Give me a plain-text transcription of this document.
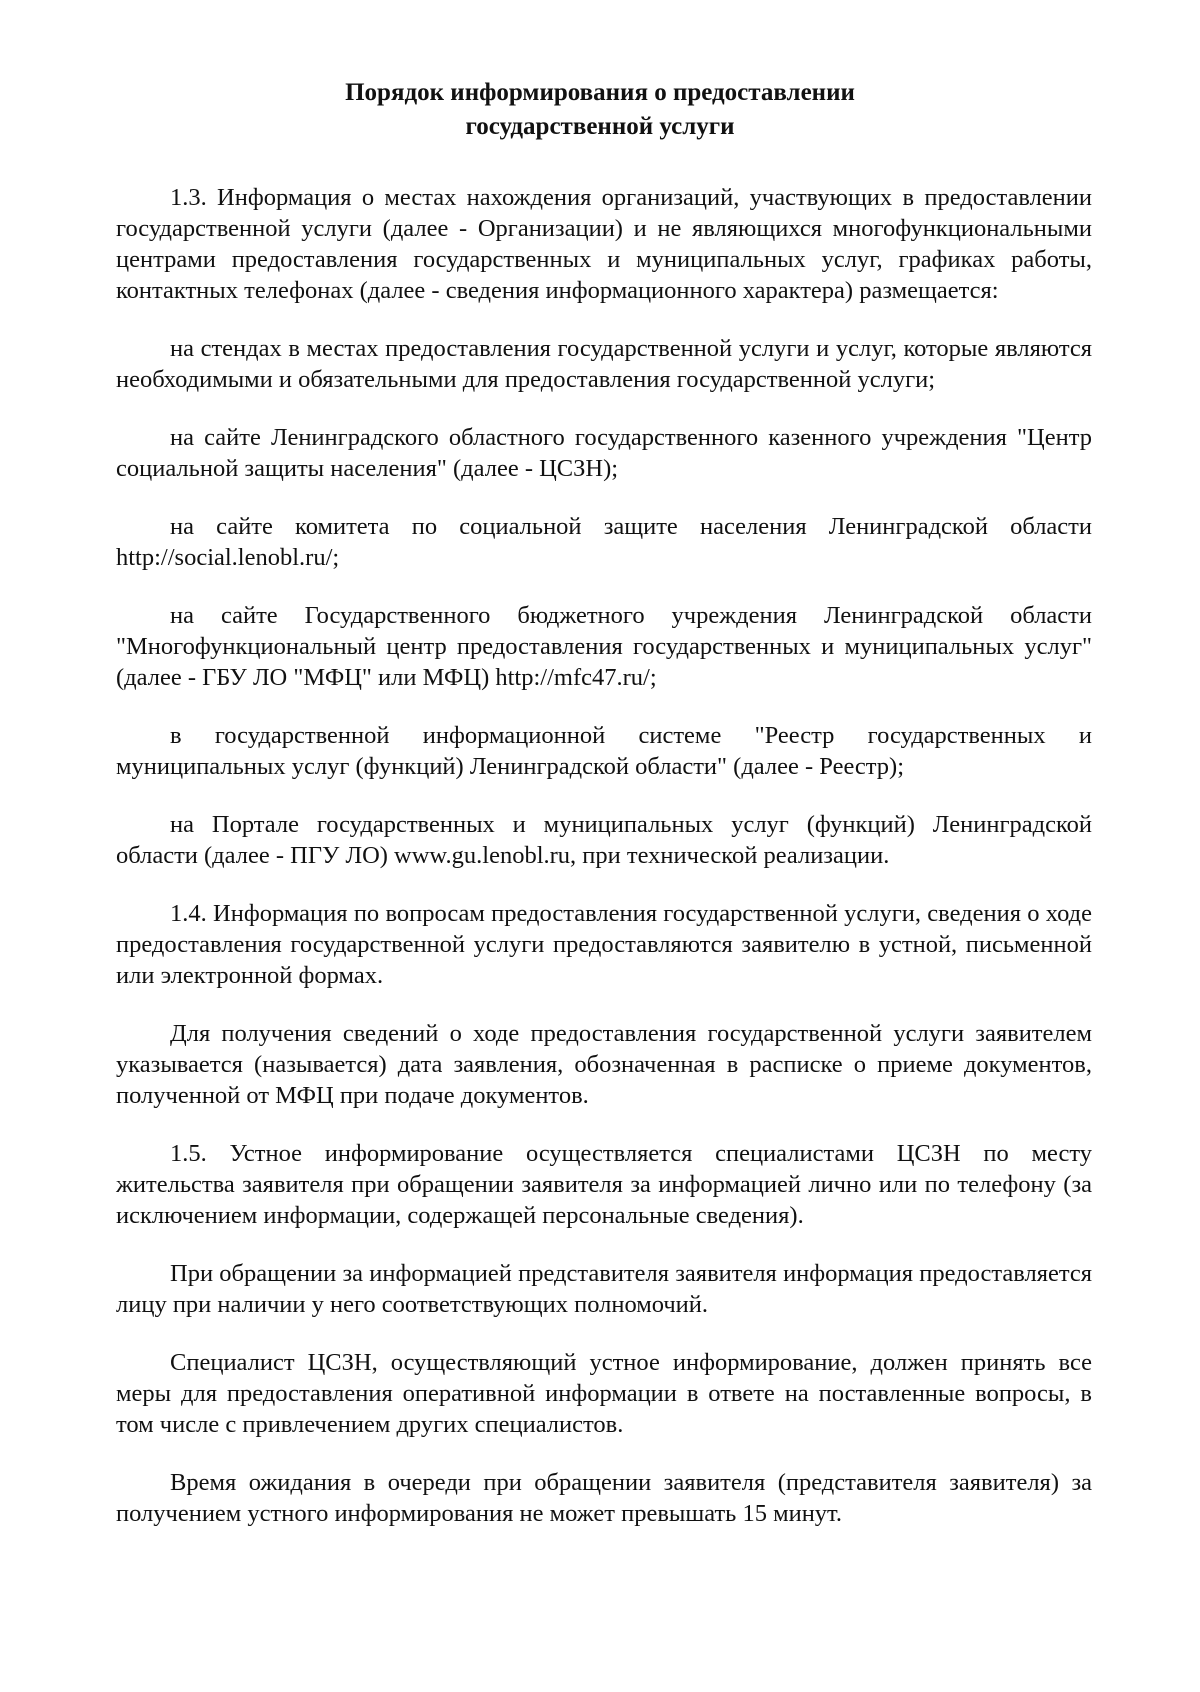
Порядок информирования о предоставлении
государственной услуги

1.3. Информация о местах нахождения организаций, участвующих в предоставлении государственной услуги (далее - Организации) и не являющихся многофункциональными центрами предоставления государственных и муниципальных услуг, графиках работы, контактных телефонах (далее - сведения информационного характера) размещается:

на стендах в местах предоставления государственной услуги и услуг, которые являются необходимыми и обязательными для предоставления государственной услуги;

на сайте Ленинградского областного государственного казенного учреждения "Центр социальной защиты населения" (далее - ЦСЗН);

на сайте комитета по социальной защите населения Ленинградской области http://social.lenobl.ru/;

на сайте Государственного бюджетного учреждения Ленинградской области "Многофункциональный центр предоставления государственных и муниципальных услуг" (далее - ГБУ ЛО "МФЦ" или МФЦ) http://mfc47.ru/;

в государственной информационной системе "Реестр государственных и муниципальных услуг (функций) Ленинградской области" (далее - Реестр);

на Портале государственных и муниципальных услуг (функций) Ленинградской области (далее - ПГУ ЛО) www.gu.lenobl.ru, при технической реализации.

1.4. Информация по вопросам предоставления государственной услуги, сведения о ходе предоставления государственной услуги предоставляются заявителю в устной, письменной или электронной формах.

Для получения сведений о ходе предоставления государственной услуги заявителем указывается (называется) дата заявления, обозначенная в расписке о приеме документов, полученной от МФЦ при подаче документов.

1.5. Устное информирование осуществляется специалистами ЦСЗН по месту жительства заявителя при обращении заявителя за информацией лично или по телефону (за исключением информации, содержащей персональные сведения).

При обращении за информацией представителя заявителя информация предоставляется лицу при наличии у него соответствующих полномочий.

Специалист ЦСЗН, осуществляющий устное информирование, должен принять все меры для предоставления оперативной информации в ответе на поставленные вопросы, в том числе с привлечением других специалистов.

Время ожидания в очереди при обращении заявителя (представителя заявителя) за получением устного информирования не может превышать 15 минут.
